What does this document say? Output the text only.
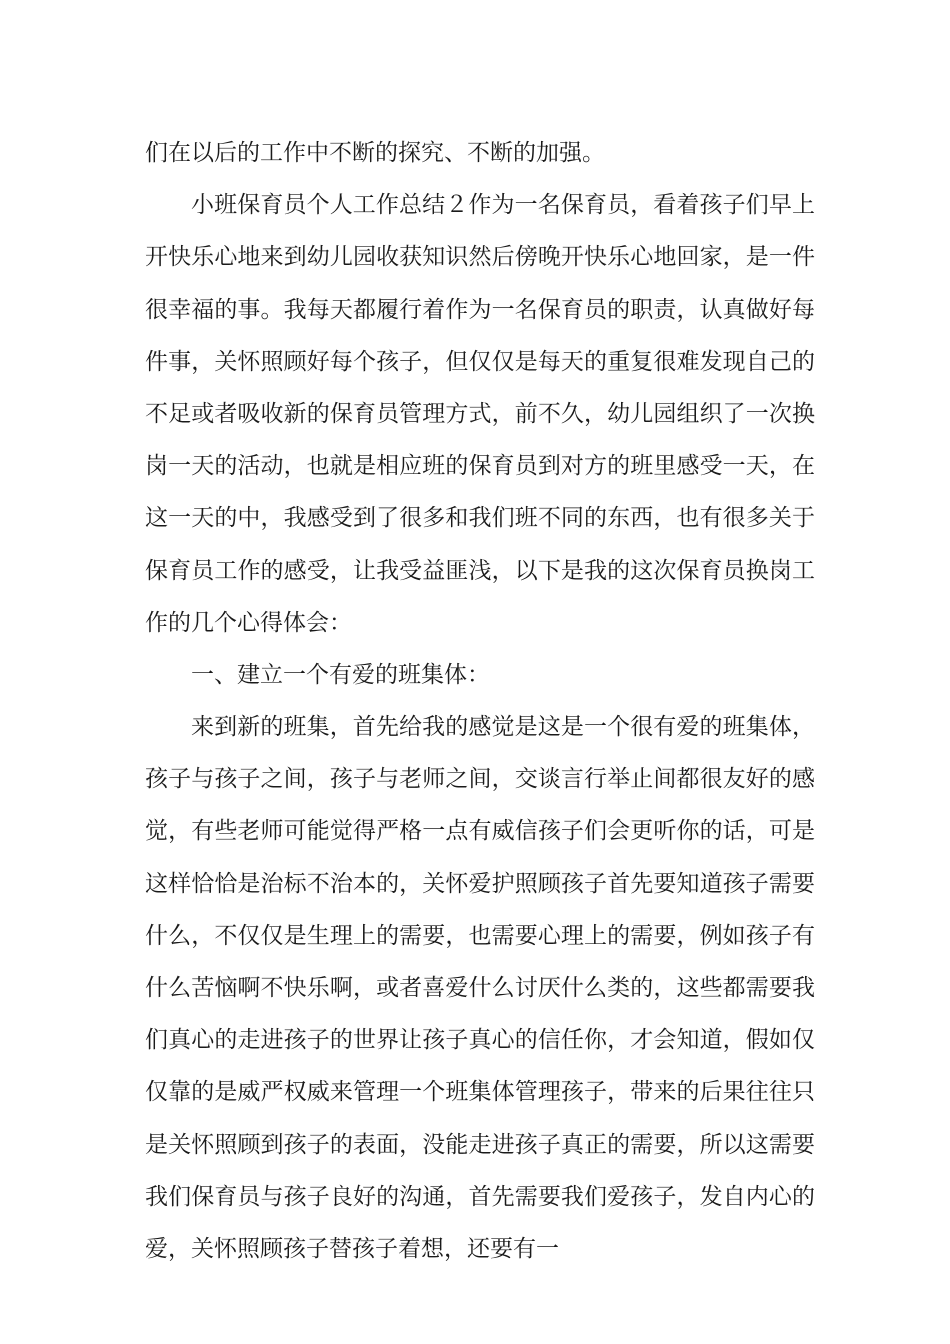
们在以后的工作中不断的探究、不断的加强。
小班保育员个人工作总结２作为一名保育员，看着孩子们早上
开快乐心地来到幼儿园收获知识然后傍晚开快乐心地回家，是一件
很幸福的事。我每天都履行着作为一名保育员的职责，认真做好每
件事，关怀照顾好每个孩子，但仅仅是每天的重复很难发现自己的
不足或者吸收新的保育员管理方式，前不久，幼儿园组织了一次换
岗一天的活动，也就是相应班的保育员到对方的班里感受一天，在
这一天的中，我感受到了很多和我们班不同的东西，也有很多关于
保育员工作的感受，让我受益匪浅，以下是我的这次保育员换岗工
作的几个心得体会：
一、建立一个有爱的班集体：
来到新的班集，首先给我的感觉是这是一个很有爱的班集体，
孩子与孩子之间，孩子与老师之间，交谈言行举止间都很友好的感
觉，有些老师可能觉得严格一点有威信孩子们会更听你的话，可是
这样恰恰是治标不治本的，关怀爱护照顾孩子首先要知道孩子需要
什么，不仅仅是生理上的需要，也需要心理上的需要，例如孩子有
什么苦恼啊不快乐啊，或者喜爱什么讨厌什么类的，这些都需要我
们真心的走进孩子的世界让孩子真心的信任你，才会知道，假如仅
仅靠的是威严权威来管理一个班集体管理孩子，带来的后果往往只
是关怀照顾到孩子的表面，没能走进孩子真正的需要，所以这需要
我们保育员与孩子良好的沟通，首先需要我们爱孩子，发自内心的
爱，关怀照顾孩子替孩子着想，还要有一
